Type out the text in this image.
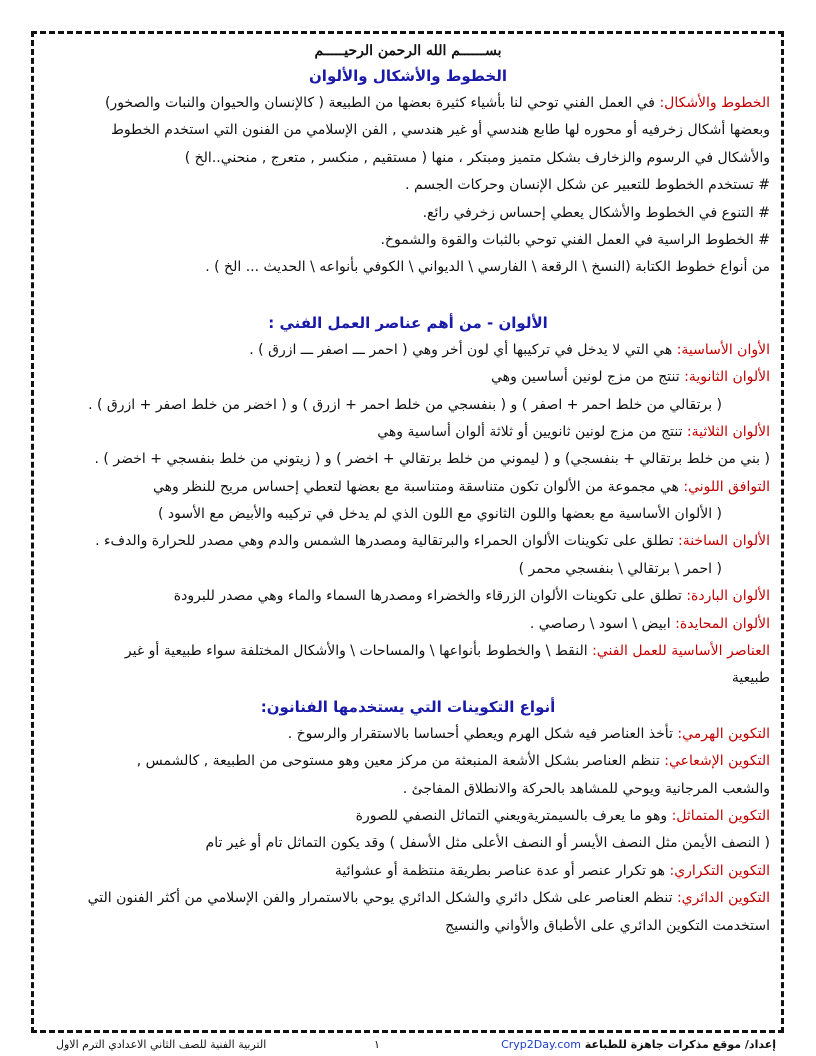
بســــــم الله الرحمن الرحيـــــم
الخطوط والأشكال والألوان
الخطوط والأشكال: في العمل الفني توحي لنا بأشياء كثيرة بعضها من الطبيعة ( كالإنسان والحيوان والنبات والصخور)
وبعضها أشكال زخرفيه أو محوره لها طابع هندسي أو غير هندسي , الفن الإسلامي من الفنون التي استخدم الخطوط
والأشكال في الرسوم والزخارف بشكل متميز ومبتكر ، منها ( مستقيم , منكسر , متعرج , منحني..الخ )
# تستخدم الخطوط للتعبير عن شكل الإنسان وحركات الجسم .
# التنوع في الخطوط والأشكال يعطي إحساس زخرفي رائع.
# الخطوط الراسية في العمل الفني توحي بالثبات والقوة والشموخ.
من أنواع خطوط الكتابة (النسخ \ الرقعة \ الفارسي \ الديواني \ الكوفي بأنواعه \ الحديث ... الخ ) .
الألوان - من أهم عناصر العمل الفني :
الأوان الأساسية: هي التي لا يدخل في تركيبها أي لون أخر وهي ( احمر ـــ اصفر ـــ ازرق ) .
الألوان الثانوية: تنتج من مزج لونين أساسين وهي
( برتقالي من خلط احمر + اصفر ) و ( بنفسجي من خلط احمر + ازرق ) و ( اخضر من خلط اصفر + ازرق ) .
الألوان الثلاثية: تنتج من مزج لونين ثانويين أو ثلاثة ألوان أساسية وهي
( بني من خلط برتقالي + بنفسجي) و ( ليموني من خلط برتقالي + اخضر ) و ( زيتوني من خلط بنفسجي + اخضر ) .
التوافق اللوني: هي مجموعة من الألوان تكون متناسقة ومتناسبة مع بعضها لتعطي إحساس مريح للنظر وهي
( الألوان الأساسية مع بعضها واللون الثانوي مع اللون الذي لم يدخل في تركيبه والأبيض مع الأسود )
الألوان الساخنة: تطلق على تكوينات الألوان الحمراء والبرتقالية ومصدرها الشمس والدم وهي مصدر للحرارة والدفء .
( احمر \ برتقالي \ بنفسجي محمر )
الألوان الباردة: تطلق على تكوينات الألوان الزرقاء والخضراء ومصدرها السماء والماء وهي مصدر للبرودة
الألوان المحايدة: ابيض \ اسود \ رصاصي .
العناصر الأساسية للعمل الفني: النقط \ والخطوط بأنواعها \ والمساحات \ والأشكال المختلفة سواء طبيعية أو غير
طبيعية
أنواع التكوينات التي يستخدمها الفنانون:
التكوين الهرمي: تأخذ العناصر فيه شكل الهرم ويعطي أحساسا بالاستقرار والرسوخ .
التكوين الإشعاعي: تنظم العناصر بشكل الأشعة المنبعثة من مركز معين وهو مستوحى من الطبيعة , كالشمس ,
والشعب المرجانية ويوحي للمشاهد بالحركة والانطلاق المفاجئ .
التكوين المتماثل: وهو ما يعرف بالسيمتريةويعني التماثل النصفي للصورة
( النصف الأيمن مثل النصف الأيسر أو النصف الأعلى مثل الأسفل ) وقد يكون التماثل تام أو غير تام
التكوين التكراري: هو تكرار عنصر أو عدة عناصر بطريقة منتظمة أو عشوائية
التكوين الدائري: تنظم العناصر على شكل دائري والشكل الدائري يوحي بالاستمرار والفن الإسلامي من أكثر الفنون التي
استخدمت التكوين الدائري على الأطباق والأواني والنسيج
إعداد/ موقع مذكرات جاهزة للطباعة Cryp2Day.com
١
التربية الفنية للصف الثاني الاعدادي الترم الاول
